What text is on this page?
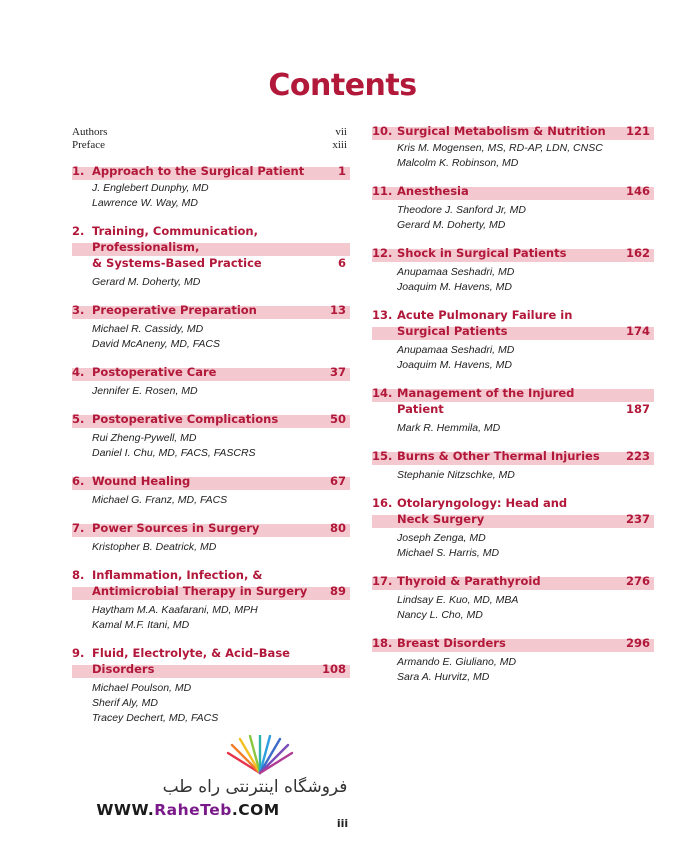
Contents
Authors	vii
Preface	xiii
1. Approach to the Surgical Patient	1
J. Englebert Dunphy, MD
Lawrence W. Way, MD
2. Training, Communication, Professionalism,
& Systems-Based Practice	6
Gerard M. Doherty, MD
3. Preoperative Preparation	13
Michael R. Cassidy, MD
David McAneny, MD, FACS
4. Postoperative Care	37
Jennifer E. Rosen, MD
5. Postoperative Complications	50
Rui Zheng-Pywell, MD
Daniel I. Chu, MD, FACS, FASCRS
6. Wound Healing	67
Michael G. Franz, MD, FACS
7. Power Sources in Surgery	80
Kristopher B. Deatrick, MD
8. Inflammation, Infection, &
Antimicrobial Therapy in Surgery	89
Haytham M.A. Kaafarani, MD, MPH
Kamal M.F. Itani, MD
9. Fluid, Electrolyte, & Acid–Base
Disorders	108
Michael Poulson, MD
Sherif Aly, MD
Tracey Dechert, MD, FACS
10. Surgical Metabolism & Nutrition	121
Kris M. Mogensen, MS, RD-AP, LDN, CNSC
Malcolm K. Robinson, MD
11. Anesthesia	146
Theodore J. Sanford Jr, MD
Gerard M. Doherty, MD
12. Shock in Surgical Patients	162
Anupamaa Seshadri, MD
Joaquim M. Havens, MD
13. Acute Pulmonary Failure in
Surgical Patients	174
Anupamaa Seshadri, MD
Joaquim M. Havens, MD
14. Management of the Injured Patient	187
Mark R. Hemmila, MD
15. Burns & Other Thermal Injuries	223
Stephanie Nitzschke, MD
16. Otolaryngology: Head and
Neck Surgery	237
Joseph Zenga, MD
Michael S. Harris, MD
17. Thyroid & Parathyroid	276
Lindsay E. Kuo, MD, MBA
Nancy L. Cho, MD
18. Breast Disorders	296
Armando E. Giuliano, MD
Sara A. Hurvitz, MD
فروشگاه اینترنتی راه طب
WWW.RaheTeb.COM
iii
